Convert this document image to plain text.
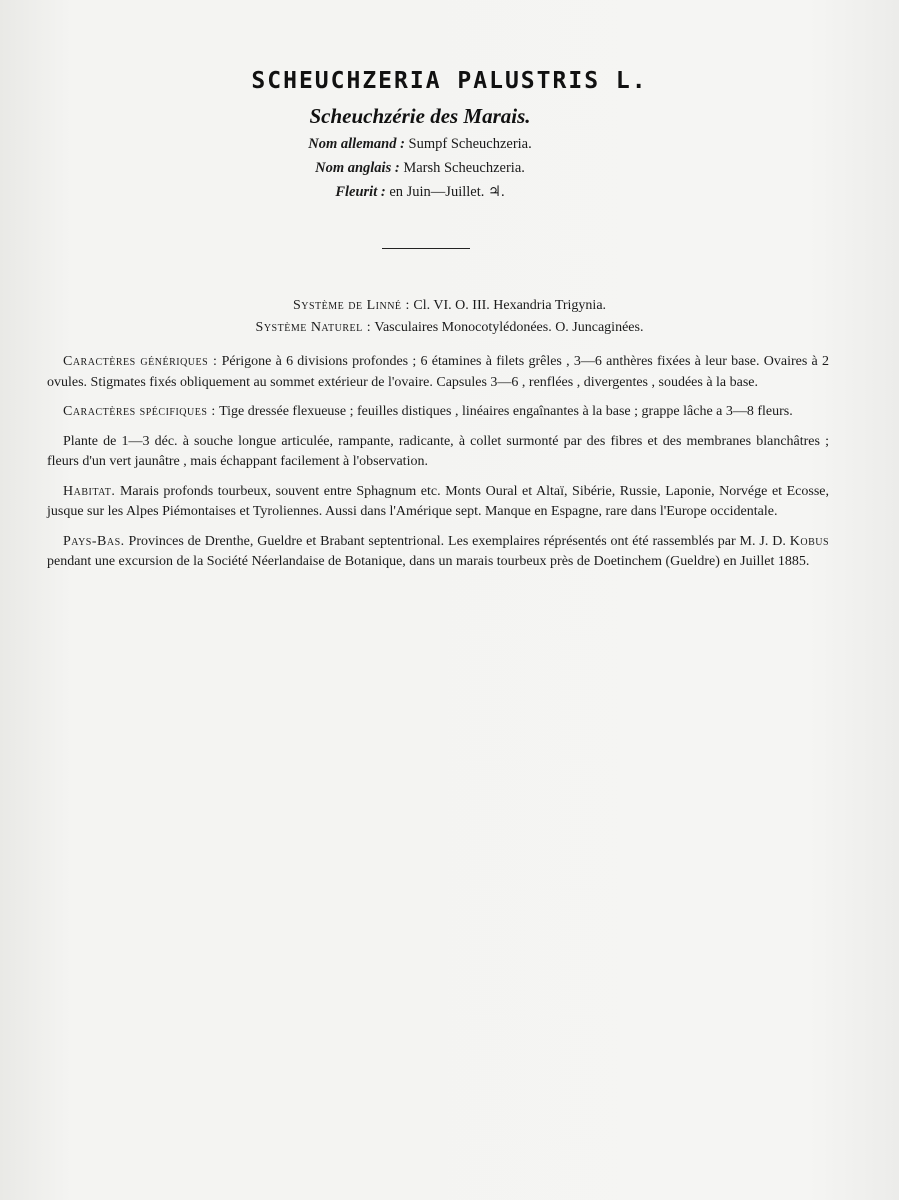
SCHEUCHZERIA PALUSTRIS L.
Scheuchzérie des Marais.
Nom allemand : Sumpf Scheuchzeria.
Nom anglais : Marsh Scheuchzeria.
Fleurit : en Juin—Juillet. ♃.
Système de Linné : Cl. VI. O. III. Hexandria Trigynia.
Système Naturel : Vasculaires Monocotylédonées. O. Juncaginées.

Caractères génériques : Périgone à 6 divisions profondes ; 6 étamines à filets grêles , 3—6 anthères fixées à leur base. Ovaires à 2 ovules. Stigmates fixés obliquement au sommet extérieur de l'ovaire. Capsules 3—6 , renflées , divergentes , soudées à la base.

Caractères spécifiques : Tige dressée flexueuse ; feuilles distiques , linéaires engaînantes à la base ; grappe lâche a 3—8 fleurs.

Plante de 1—3 déc. à souche longue articulée, rampante, radicante, à collet surmonté par des fibres et des membranes blanchâtres ; fleurs d'un vert jaunâtre , mais échappant facilement à l'observation.

Habitat. Marais profonds tourbeux, souvent entre Sphagnum etc. Monts Oural et Altaï, Sibérie, Russie, Laponie, Norvége et Ecosse, jusque sur les Alpes Piémontaises et Tyroliennes. Aussi dans l'Amérique sept. Manque en Espagne, rare dans l'Europe occidentale.

Pays-Bas. Provinces de Drenthe, Gueldre et Brabant septentrional. Les exemplaires réprésentés ont été rassemblés par M. J. D. Kobus pendant une excursion de la Société Néerlandaise de Botanique, dans un marais tourbeux près de Doetinchem (Gueldre) en Juillet 1885.
